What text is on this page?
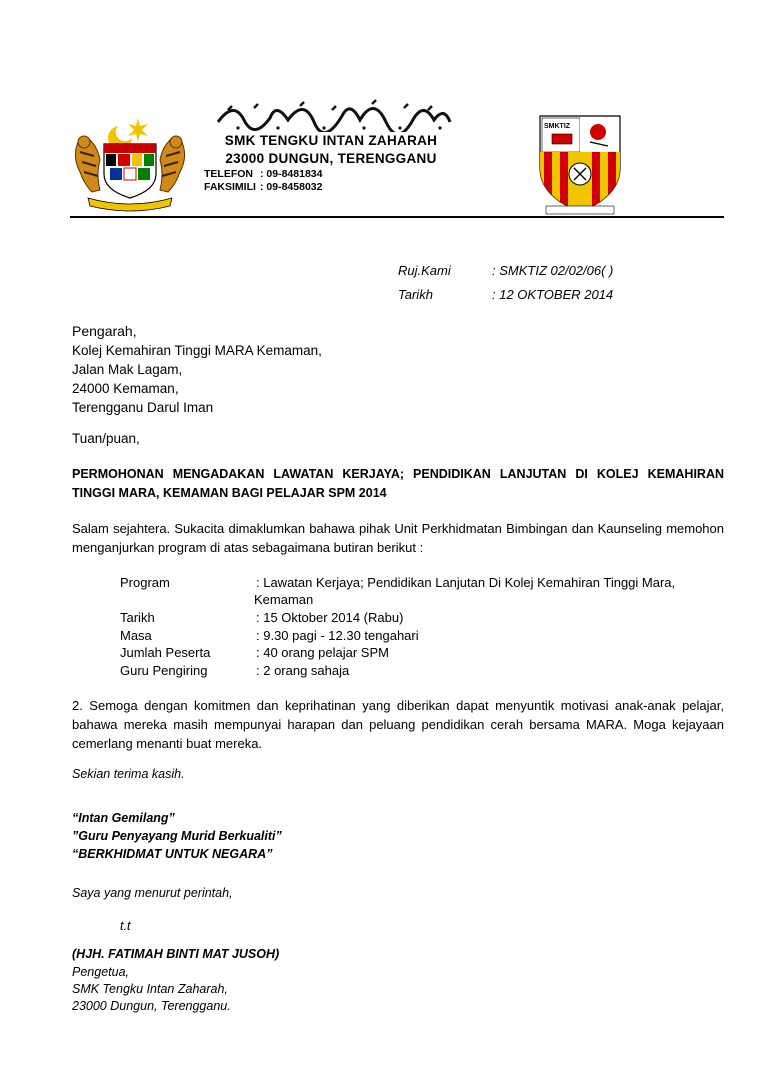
SMK TENGKU INTAN ZAHARAH
23000 DUNGUN, TERENGGANU
TELEFON : 09-8481834
FAKSIMILI : 09-8458032
SMKTIZ
Ruj.Kami	: SMKTIZ 02/02/06( )
Tarikh	: 12 OKTOBER 2014
Pengarah,
Kolej Kemahiran Tinggi MARA Kemaman,
Jalan Mak Lagam,
24000 Kemaman,
Terengganu Darul Iman
Tuan/puan,
PERMOHONAN MENGADAKAN LAWATAN KERJAYA; PENDIDIKAN LANJUTAN DI KOLEJ KEMAHIRAN
TINGGI MARA, KEMAMAN BAGI PELAJAR SPM 2014
Salam sejahtera. Sukacita dimaklumkan bahawa pihak Unit Perkhidmatan Bimbingan dan Kaunseling memohon
menganjurkan program di atas sebagaimana butiran berikut :
Program	: Lawatan Kerjaya; Pendidikan Lanjutan Di Kolej Kemahiran Tinggi Mara,
Kemaman
Tarikh	: 15 Oktober 2014 (Rabu)
Masa	: 9.30 pagi - 12.30 tengahari
Jumlah Peserta	: 40 orang pelajar SPM
Guru Pengiring	: 2 orang sahaja
2. Semoga dengan komitmen dan keprihatinan yang diberikan dapat menyuntik motivasi anak-anak pelajar,
bahawa mereka masih mempunyai harapan dan peluang pendidikan cerah bersama MARA. Moga kejayaan
cemerlang menanti buat mereka.
Sekian terima kasih.
“Intan Gemilang”
”Guru Penyayang Murid Berkualiti”
“BERKHIDMAT UNTUK NEGARA”
Saya yang menurut perintah,
t.t
(HJH. FATIMAH BINTI MAT JUSOH)
Pengetua,
SMK Tengku Intan Zaharah,
23000 Dungun, Terengganu.
